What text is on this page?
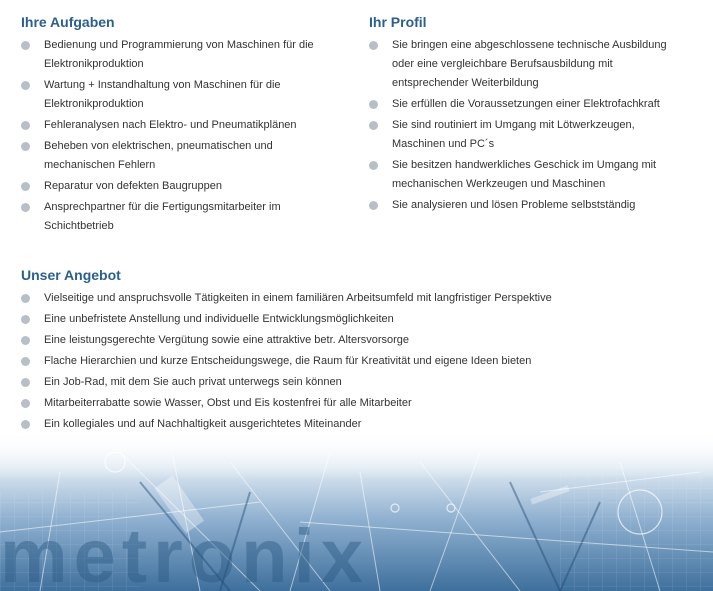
Ihre Aufgaben
Bedienung und Programmierung von Maschinen für die Elektronikproduktion
Wartung + Instandhaltung von Maschinen für die Elektronikproduktion
Fehleranalysen nach Elektro- und Pneumatikplänen
Beheben von elektrischen, pneumatischen und mechanischen Fehlern
Reparatur von defekten Baugruppen
Ansprechpartner für die Fertigungsmitarbeiter im Schichtbetrieb
Ihr Profil
Sie bringen eine abgeschlossene technische Ausbildung oder eine vergleichbare Berufsausbildung mit entsprechender Weiterbildung
Sie erfüllen die Voraussetzungen einer Elektrofachkraft
Sie sind routiniert im Umgang mit Lötwerkzeugen, Maschinen und PC´s
Sie besitzen handwerkliches Geschick im Umgang mit mechanischen Werkzeugen und Maschinen
Sie analysieren und lösen Probleme selbstständig
Unser Angebot
Vielseitige und anspruchsvolle Tätigkeiten in einem familiären Arbeitsumfeld mit langfristiger Perspektive
Eine unbefristete Anstellung und individuelle Entwicklungsmöglichkeiten
Eine leistungsgerechte Vergütung sowie eine attraktive betr. Altersvorsorge
Flache Hierarchien und kurze Entscheidungswege, die Raum für Kreativität und eigene Ideen bieten
Ein Job-Rad, mit dem Sie auch privat unterwegs sein können
Mitarbeiterrabatte sowie Wasser, Obst und Eis kostenfrei für alle Mitarbeiter
Ein kollegiales und auf Nachhaltigkeit ausgerichtetes Miteinander
